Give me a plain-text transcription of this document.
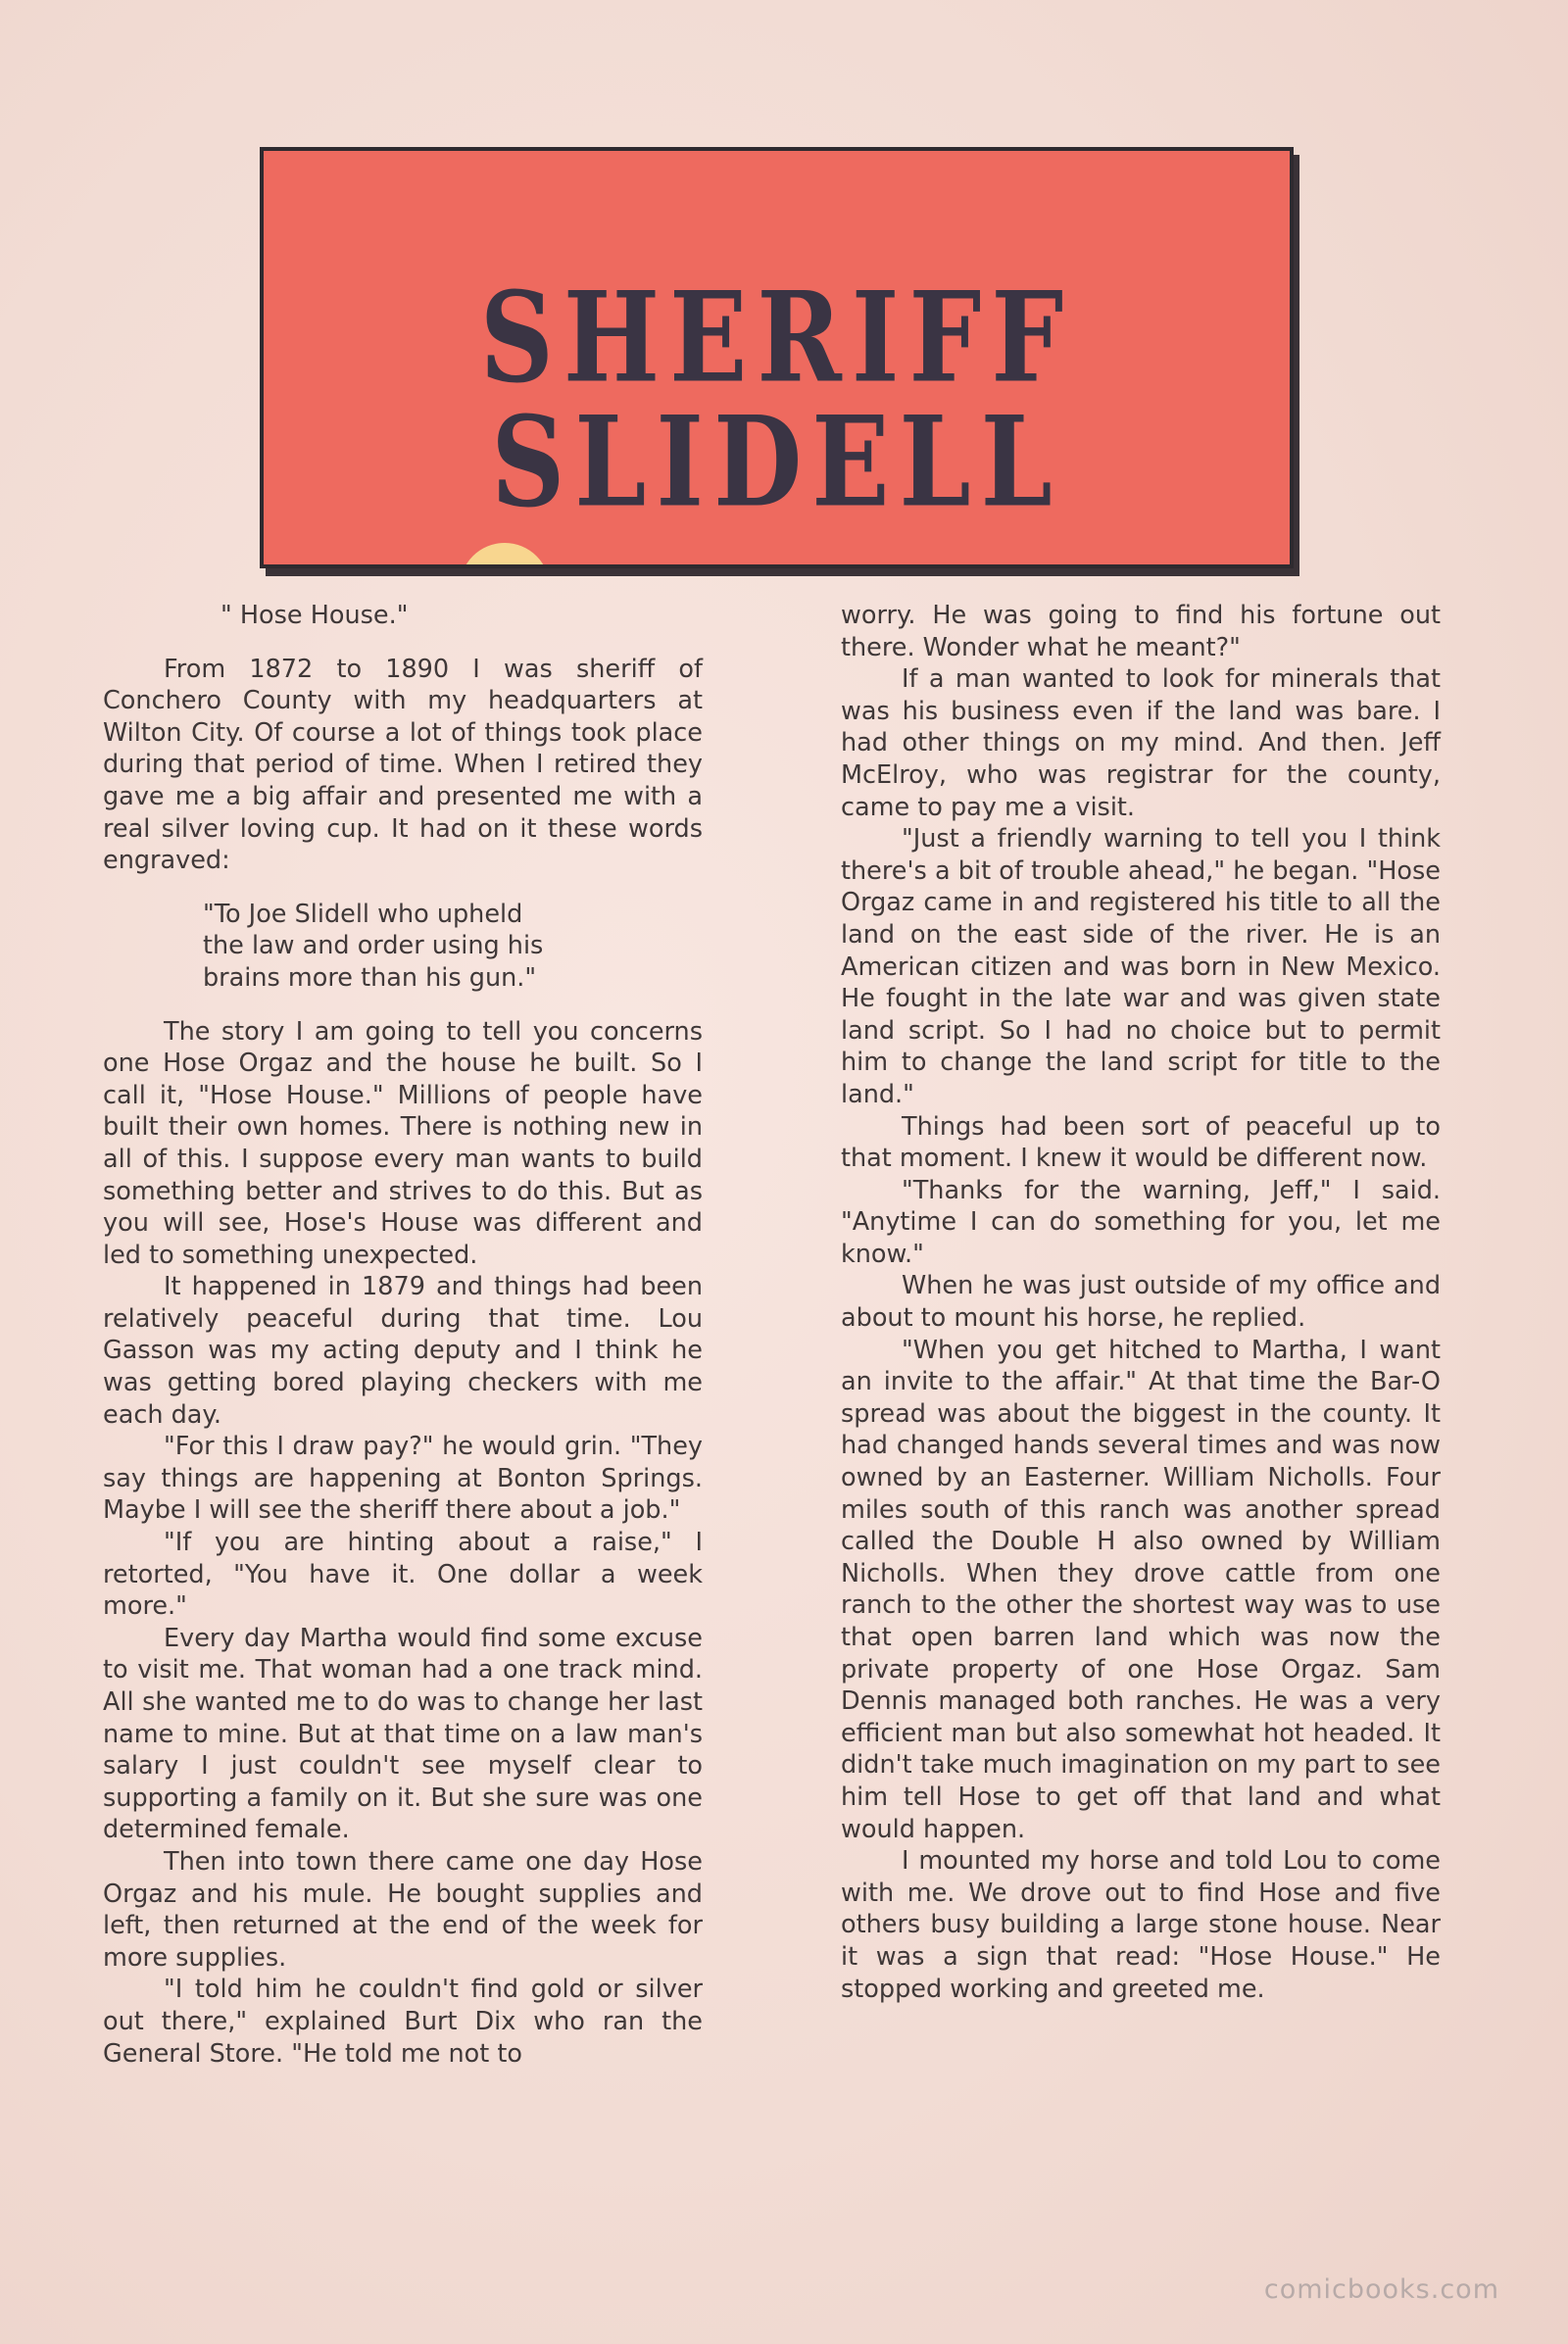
SHERIFF SLIDELL

" Hose House."

From 1872 to 1890 I was sheriff of Conchero County with my headquarters at Wilton City. Of course a lot of things took place during that period of time. When I retired they gave me a big affair and presented me with a real silver loving cup. It had on it these words engraved:

"To Joe Slidell who upheld
the law and order using his
brains more than his gun."

The story I am going to tell you concerns one Hose Orgaz and the house he built. So I call it, "Hose House." Millions of people have built their own homes. There is nothing new in all of this. I suppose every man wants to build something better and strives to do this. But as you will see, Hose's House was different and led to something unexpected.

It happened in 1879 and things had been relatively peaceful during that time. Lou Gasson was my acting deputy and I think he was getting bored playing checkers with me each day.

"For this I draw pay?" he would grin. "They say things are happening at Bonton Springs. Maybe I will see the sheriff there about a job."

"If you are hinting about a raise," I retorted, "You have it. One dollar a week more."

Every day Martha would find some excuse to visit me. That woman had a one track mind. All she wanted me to do was to change her last name to mine. But at that time on a law man's salary I just couldn't see myself clear to supporting a family on it. But she sure was one determined female.

Then into town there came one day Hose Orgaz and his mule. He bought supplies and left, then returned at the end of the week for more supplies.

"I told him he couldn't find gold or silver out there," explained Burt Dix who ran the General Store. "He told me not to

worry. He was going to find his fortune out there. Wonder what he meant?"

If a man wanted to look for minerals that was his business even if the land was bare. I had other things on my mind. And then. Jeff McElroy, who was registrar for the county, came to pay me a visit.

"Just a friendly warning to tell you I think there's a bit of trouble ahead," he began. "Hose Orgaz came in and registered his title to all the land on the east side of the river. He is an American citizen and was born in New Mexico. He fought in the late war and was given state land script. So I had no choice but to permit him to change the land script for title to the land."

Things had been sort of peaceful up to that moment. I knew it would be different now.

"Thanks for the warning, Jeff," I said. "Anytime I can do something for you, let me know."

When he was just outside of my office and about to mount his horse, he replied.

"When you get hitched to Martha, I want an invite to the affair." At that time the Bar-O spread was about the biggest in the county. It had changed hands several times and was now owned by an Easterner. William Nicholls. Four miles south of this ranch was another spread called the Double H also owned by William Nicholls. When they drove cattle from one ranch to the other the shortest way was to use that open barren land which was now the private property of one Hose Orgaz. Sam Dennis managed both ranches. He was a very efficient man but also somewhat hot headed. It didn't take much imagination on my part to see him tell Hose to get off that land and what would happen.

I mounted my horse and told Lou to come with me. We drove out to find Hose and five others busy building a large stone house. Near it was a sign that read: "Hose House." He stopped working and greeted me.

comicbooks.com
